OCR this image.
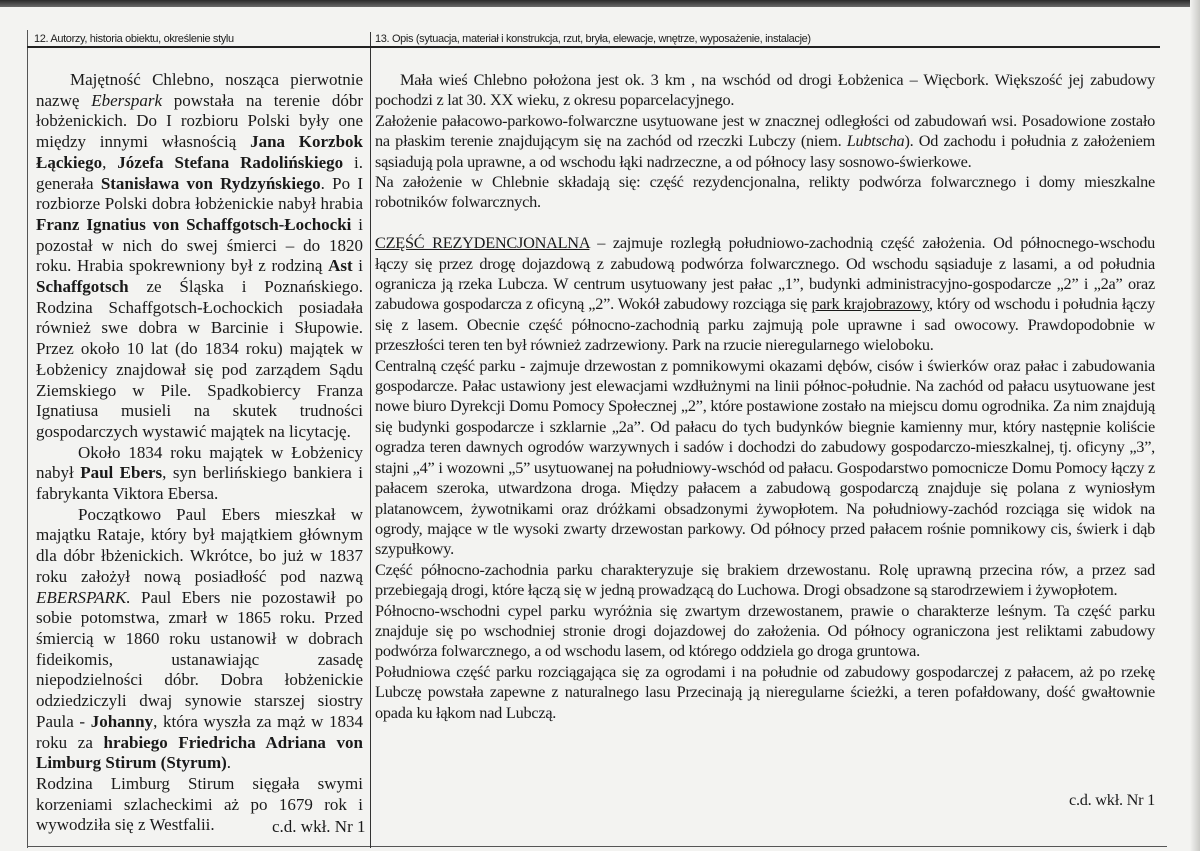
12. Autorzy, historia obiektu, określenie stylu	13. Opis (sytuacja, materiał i konstrukcja, rzut, bryła, elewacje, wnętrze, wyposażenie, instalacje)

Majętność Chlebno, nosząca pierwotnie nazwę Eberspark powstała na terenie dóbr łobżenickich. Do I rozbioru Polski były one między innymi własnością Jana Korzbok Łąckiego, Józefa Stefana Radolińskiego i. generała Stanisława von Rydzyńskiego. Po I rozbiorze Polski dobra łobżenickie nabył hrabia Franz Ignatius von Schaffgotsch-Łochocki i pozostał w nich do swej śmierci – do 1820 roku. Hrabia spokrewniony był z rodziną Ast i Schaffgotsch ze Śląska i Poznańskiego. Rodzina Schaffgotsch-Łochockich posiadała również swe dobra w Barcinie i Słupowie. Przez około 10 lat (do 1834 roku) majątek w Łobżenicy znajdował się pod zarządem Sądu Ziemskiego w Pile. Spadkobiercy Franza Ignatiusa musieli na skutek trudności gospodarczych wystawić majątek na licytację.

Około 1834 roku majątek w Łobżenicy nabył Paul Ebers, syn berlińskiego bankiera i fabrykanta Viktora Ebersa.

Początkowo Paul Ebers mieszkał w majątku Rataje, który był majątkiem głównym dla dóbr łbżenickich. Wkrótce, bo już w 1837 roku założył nową posiadłość pod nazwą EBERSPARK. Paul Ebers nie pozostawił po sobie potomstwa, zmarł w 1865 roku. Przed śmiercią w 1860 roku ustanowił w dobrach fideikomis, ustanawiając zasadę niepodzielności dóbr. Dobra łobżenickie odziedziczyli dwaj synowie starszej siostry Paula - Johanny, która wyszła za mąż w 1834 roku za hrabiego Friedricha Adriana von Limburg Stirum (Styrum).

Rodzina Limburg Stirum sięgała swymi korzeniami szlacheckimi aż po 1679 rok i wywodziła się z Westfalii.	c.d. wkł. Nr 1

Mała wieś Chlebno położona jest ok. 3 km , na wschód od drogi Łobżenica – Więcbork. Większość jej zabudowy pochodzi z lat 30. XX wieku, z okresu poparcelacyjnego.

Założenie pałacowo-parkowo-folwarczne usytuowane jest w znacznej odległości od zabudowań wsi. Posadowione zostało na płaskim terenie znajdującym się na zachód od rzeczki Lubczy (niem. Lubtscha). Od zachodu i południa z założeniem sąsiadują pola uprawne, a od wschodu łąki nadrzeczne, a od północy lasy sosnowo-świerkowe.

Na założenie w Chlebnie składają się: część rezydencjonalna, relikty podwórza folwarcznego i domy mieszkalne robotników folwarcznych.

CZĘŚĆ REZYDENCJONALNA – zajmuje rozległą południowo-zachodnią część założenia. Od północnego-wschodu łączy się przez drogę dojazdową z zabudową podwórza folwarcznego. Od wschodu sąsiaduje z lasami, a od południa ogranicza ją rzeka Lubcza. W centrum usytuowany jest pałac „1”, budynki administracyjno-gospodarcze „2” i „2a” oraz zabudowa gospodarcza z oficyną „2”. Wokół zabudowy rozciąga się park krajobrazowy, który od wschodu i południa łączy się z lasem. Obecnie część północno-zachodnią parku zajmują pole uprawne i sad owocowy. Prawdopodobnie w przeszłości teren ten był również zadrzewiony. Park na rzucie nieregularnego wieloboku.

Centralną część parku - zajmuje drzewostan z pomnikowymi okazami dębów, cisów i świerków oraz pałac i zabudowania gospodarcze. Pałac ustawiony jest elewacjami wzdłużnymi na linii północ-południe. Na zachód od pałacu usytuowane jest nowe biuro Dyrekcji Domu Pomocy Społecznej „2”, które postawione zostało na miejscu domu ogrodnika. Za nim znajdują się budynki gospodarcze i szklarnie „2a”. Od pałacu do tych budynków biegnie kamienny mur, który następnie koliście ogradza teren dawnych ogrodów warzywnych i sadów i dochodzi do zabudowy gospodarczo-mieszkalnej, tj. oficyny „3”, stajni „4” i wozowni „5” usytuowanej na południowy-wschód od pałacu. Gospodarstwo pomocnicze Domu Pomocy łączy z pałacem szeroka, utwardzona droga. Między pałacem a zabudową gospodarczą znajduje się polana z wyniosłym platanowcem, żywotnikami oraz dróżkami obsadzonymi żywopłotem. Na południowy-zachód rozciąga się widok na ogrody, mające w tle wysoki zwarty drzewostan parkowy. Od północy przed pałacem rośnie pomnikowy cis, świerk i dąb szypułkowy.

Część północno-zachodnia parku charakteryzuje się brakiem drzewostanu. Rolę uprawną przecina rów, a przez sad przebiegają drogi, które łączą się w jedną prowadzącą do Luchowa. Drogi obsadzone są starodrzewiem i żywopłotem.

Północno-wschodni cypel parku wyróżnia się zwartym drzewostanem, prawie o charakterze leśnym. Ta część parku znajduje się po wschodniej stronie drogi dojazdowej do założenia. Od północy ograniczona jest reliktami zabudowy podwórza folwarcznego, a od wschodu lasem, od którego oddziela go droga gruntowa.

Południowa część parku rozciągająca się za ogrodami i na południe od zabudowy gospodarczej z pałacem, aż po rzekę Lubczę powstała zapewne z naturalnego lasu Przecinają ją nieregularne ścieżki, a teren pofałdowany, dość gwałtownie opada ku łąkom nad Lubczą.

c.d. wkł. Nr 1
